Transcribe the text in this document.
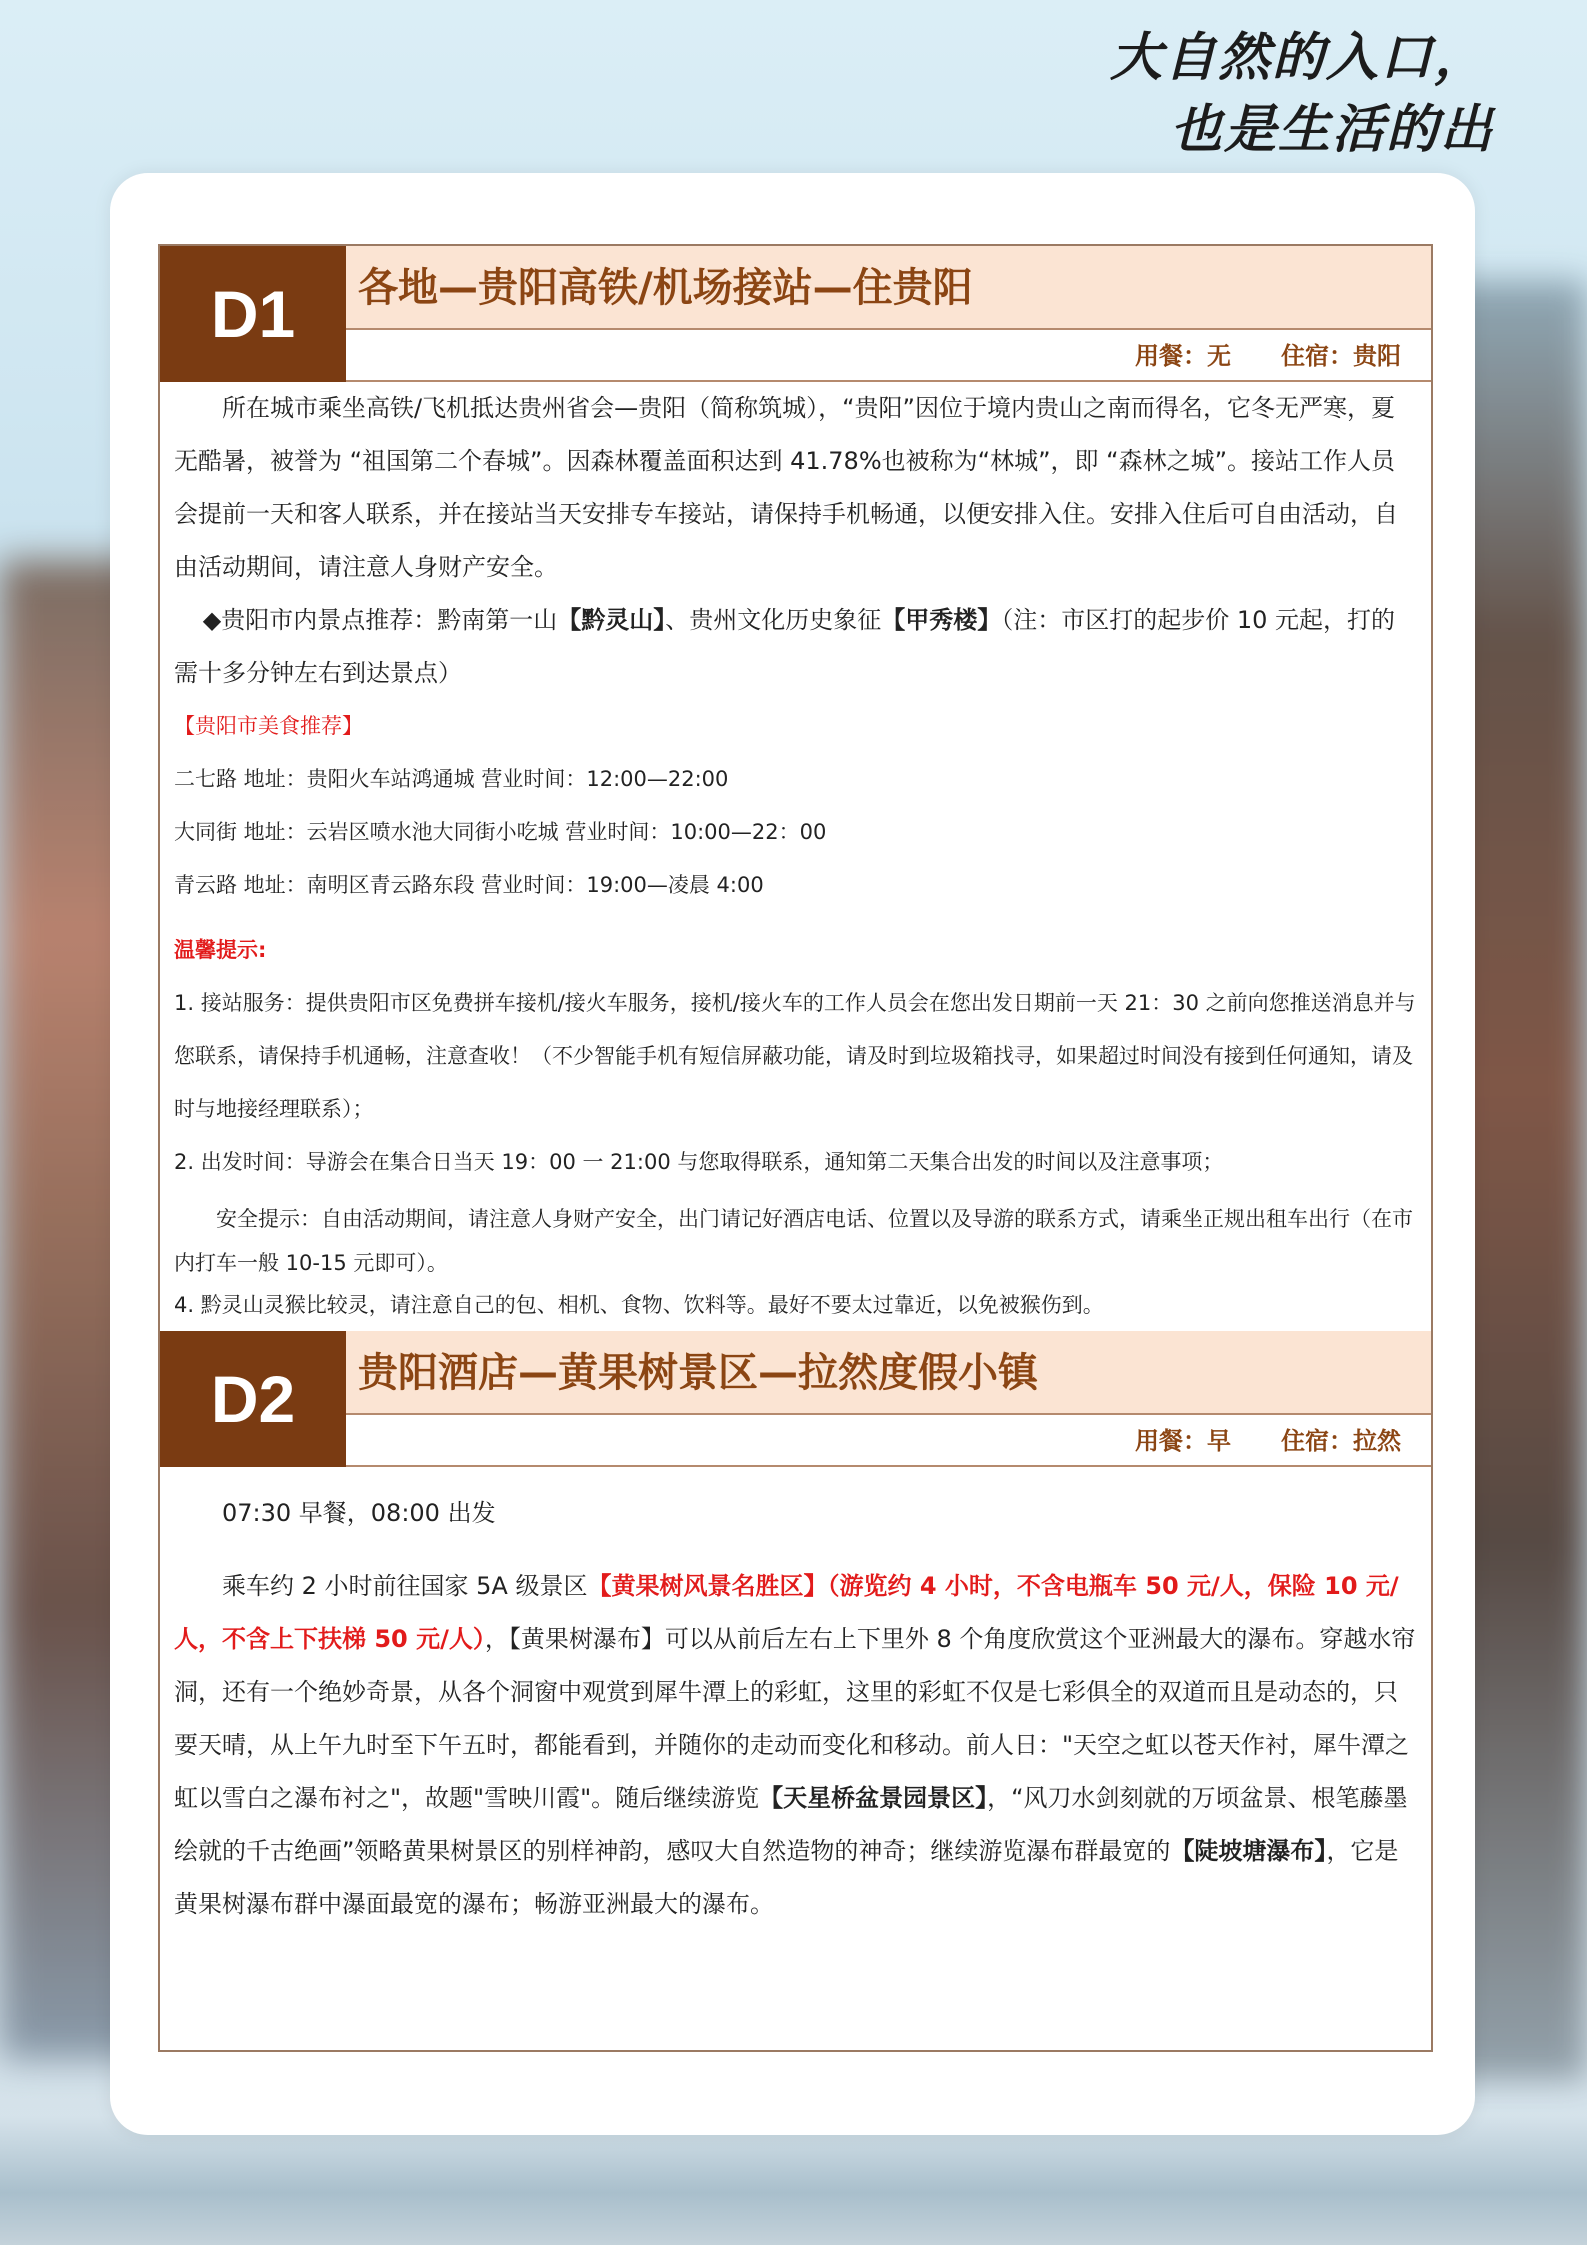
大自然的入口，
也是生活的出
D1	各地—贵阳高铁/机场接站—住贵阳
用餐：无 住宿：贵阳

所在城市乘坐高铁/飞机抵达贵州省会—贵阳（简称筑城），“贵阳”因位于境内贵山之南而得名，它冬无严寒，夏无酷暑，被誉为 “祖国第二个春城”。因森林覆盖面积达到 41.78%也被称为“林城”，即 “森林之城”。接站工作人员会提前一天和客人联系，并在接站当天安排专车接站，请保持手机畅通，以便安排入住。安排入住后可自由活动，自由活动期间，请注意人身财产安全。

◆贵阳市内景点推荐：黔南第一山【黔灵山】、贵州文化历史象征【甲秀楼】（注：市区打的起步价 10 元起，打的需十多分钟左右到达景点）

【贵阳市美食推荐】

二七路 地址：贵阳火车站鸿通城 营业时间：12:00—22:00

大同街 地址：云岩区喷水池大同街小吃城 营业时间：10:00—22：00

青云路 地址：南明区青云路东段 营业时间：19:00—凌晨 4:00

温馨提示:

1. 接站服务：提供贵阳市区免费拼车接机/接火车服务，接机/接火车的工作人员会在您出发日期前一天 21：30 之前向您推送消息并与您联系，请保持手机通畅，注意查收！（不少智能手机有短信屏蔽功能，请及时到垃圾箱找寻，如果超过时间没有接到任何通知，请及时与地接经理联系）；

2. 出发时间：导游会在集合日当天 19：00 一 21:00 与您取得联系，通知第二天集合出发的时间以及注意事项；

安全提示：自由活动期间，请注意人身财产安全，出门请记好酒店电话、位置以及导游的联系方式，请乘坐正规出租车出行（在市内打车一般 10-15 元即可）。

4. 黔灵山灵猴比较灵，请注意自己的包、相机、食物、饮料等。最好不要太过靠近，以免被猴伤到。

D2	贵阳酒店—黄果树景区—拉然度假小镇
用餐：早 住宿：拉然

07:30 早餐，08:00 出发

乘车约 2 小时前往国家 5A 级景区【黄果树风景名胜区】（游览约 4 小时，不含电瓶车 50 元/人，保险 10 元/人，不含上下扶梯 50 元/人），【黄果树瀑布】可以从前后左右上下里外 8 个角度欣赏这个亚洲最大的瀑布。穿越水帘洞，还有一个绝妙奇景，从各个洞窗中观赏到犀牛潭上的彩虹，这里的彩虹不仅是七彩俱全的双道而且是动态的，只要天晴，从上午九时至下午五时，都能看到，并随你的走动而变化和移动。前人日："天空之虹以苍天作衬，犀牛潭之虹以雪白之瀑布衬之"，故题"雪映川霞"。随后继续游览【天星桥盆景园景区】，“风刀水剑刻就的万顷盆景、根笔藤墨绘就的千古绝画”领略黄果树景区的别样神韵，感叹大自然造物的神奇；继续游览瀑布群最宽的【陡坡塘瀑布】，它是黄果树瀑布群中瀑面最宽的瀑布；畅游亚洲最大的瀑布。
